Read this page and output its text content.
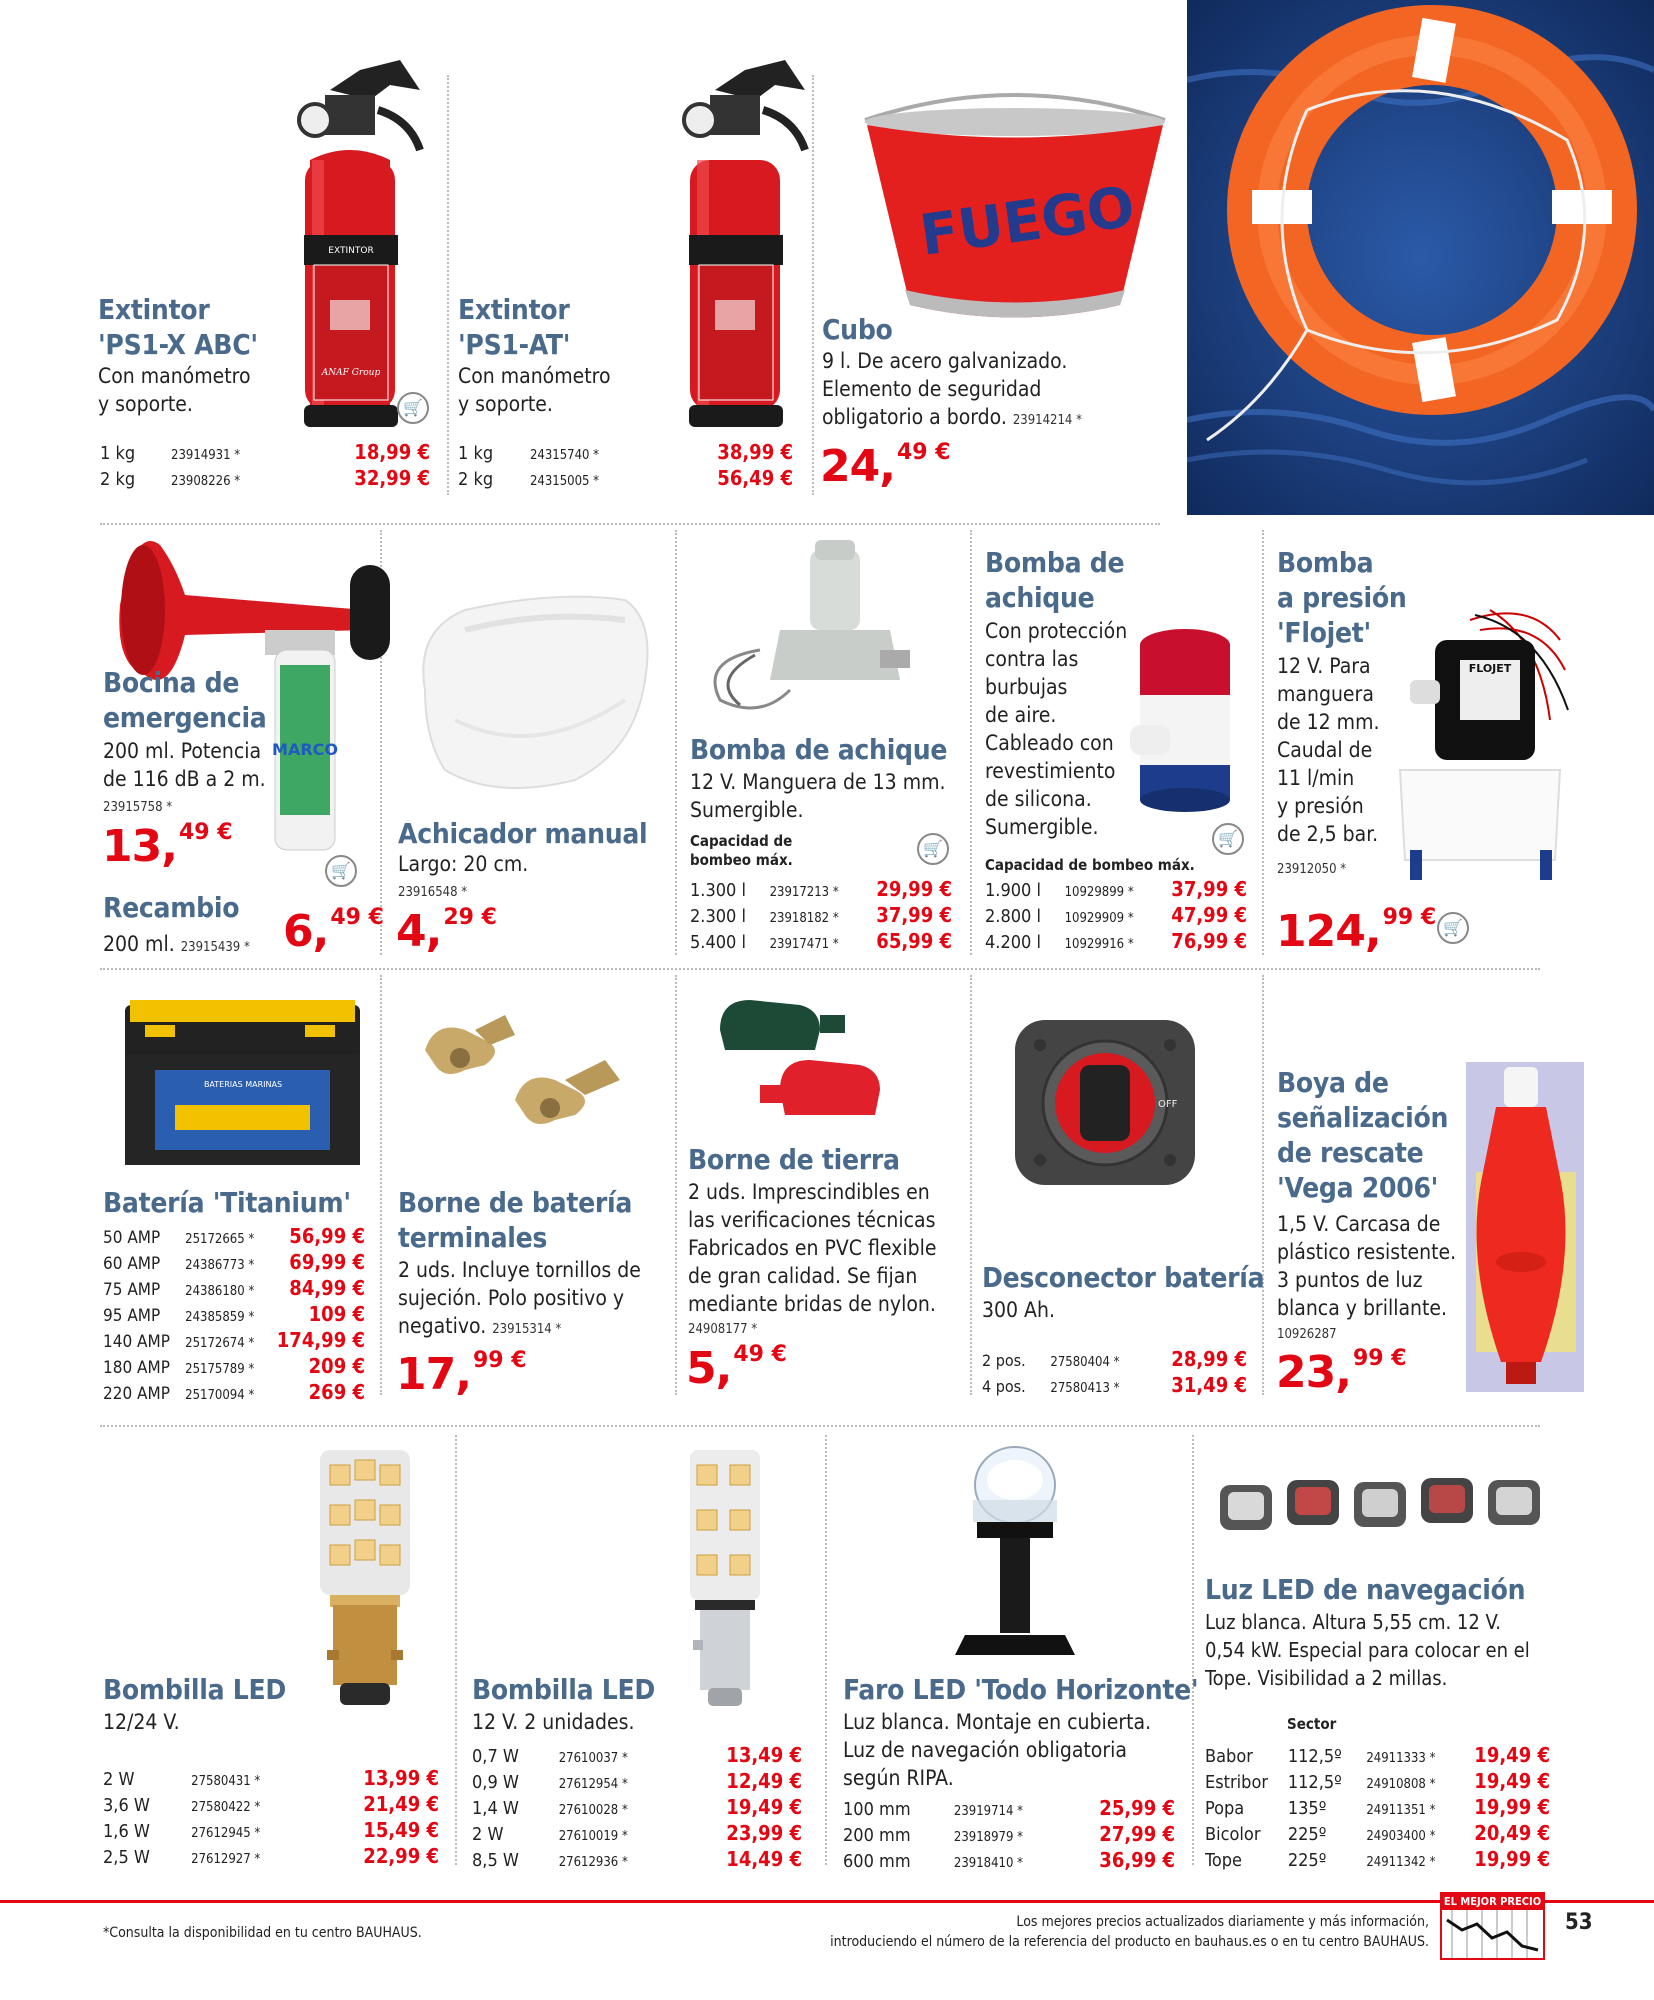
EXTINTOR
ANAF Group
Extintor
'PS1-X ABC'
Con manómetro
y soporte.	🛒
1 kg	23914931 *	18,99 €
2 kg	23908226 *	32,99 €
Extintor
'PS1-AT'
Con manómetro
y soporte.
1 kg	24315740 *	38,99 €
2 kg	24315005 *	56,49 €
FUEGO
Cubo
9 l. De acero galvanizado.
Elemento de seguridad
obligatorio a bordo. 23914214 *
24,49 €
MARCO
Bocina de
emergencia
200 ml. Potencia
de 116 dB a 2 m.
23915758 *
13,49 €
🛒
Recambio
200 ml. 23915439 * 6,49 €
Achicador manual
Largo: 20 cm.
23916548 *
4,29 €
Bomba de achique
12 V. Manguera de 13 mm.
Sumergible.
Capacidad de
bombeo máx.
🛒
1.300 l	23917213 *	29,99 €
2.300 l	23918182 *	37,99 €
5.400 l	23917471 *	65,99 €
Bomba de
achique
Con protección
contra las
burbujas
de aire.
Cableado con
revestimiento
de silicona.
Sumergible.	🛒
Capacidad de bombeo máx.
1.900 l	10929899 *	37,99 €
2.800 l	10929909 *	47,99 €
4.200 l	10929916 *	76,99 €
FLOJET
Bomba
a presión
'Flojet'
12 V. Para
manguera
de 12 mm.
Caudal de
11 l/min
y presión
de 2,5 bar.
23912050 *
124,99 € 🛒
BATERIAS MARINAS
Batería 'Titanium'
50 AMP	25172665 *	56,99 €
60 AMP	24386773 *	69,99 €
75 AMP	24386180 *	84,99 €
95 AMP	24385859 *	109 €
140 AMP	25172674 *	174,99 €
180 AMP	25175789 *	209 €
220 AMP	25170094 *	269 €
Borne de batería
terminales
2 uds. Incluye tornillos de
sujeción. Polo positivo y
negativo. 23915314 *
17,99 €
Borne de tierra
2 uds. Imprescindibles en
las verificaciones técnicas
Fabricados en PVC flexible
de gran calidad. Se fijan
mediante bridas de nylon.
24908177 *
5,49 €
OFF
Desconector batería
300 Ah.
2 pos.	27580404 *	28,99 €
4 pos.	27580413 *	31,49 €
Boya de
señalización
de rescate
'Vega 2006'
1,5 V. Carcasa de
plástico resistente.
3 puntos de luz
blanca y brillante.
10926287
23,99 €
Bombilla LED
12/24 V.
2 W	27580431 *	13,99 €
3,6 W	27580422 *	21,49 €
1,6 W	27612945 *	15,49 €
2,5 W	27612927 *	22,99 €
Bombilla LED
12 V. 2 unidades.
0,7 W	27610037 *	13,49 €
0,9 W	27612954 *	12,49 €
1,4 W	27610028 *	19,49 €
2 W	27610019 *	23,99 €
8,5 W	27612936 *	14,49 €
Faro LED 'Todo Horizonte'
Luz blanca. Montaje en cubierta.
Luz de navegación obligatoria
según RIPA.
100 mm	23919714 *	25,99 €
200 mm	23918979 *	27,99 €
600 mm	23918410 *	36,99 €
Luz LED de navegación
Luz blanca. Altura 5,55 cm. 12 V.
0,54 kW. Especial para colocar en el
Tope. Visibilidad a 2 millas.
Sector
Babor	112,5º	24911333 *	19,49 €
Estribor	112,5º	24910808 *	19,49 €
Popa	135º	24911351 *	19,99 €
Bicolor	225º	24903400 *	20,49 €
Tope	225º	24911342 *	19,99 €
*Consulta la disponibilidad en tu centro BAUHAUS.
Los mejores precios actualizados diariamente y más información,
introduciendo el número de la referencia del producto en bauhaus.es o en tu centro BAUHAUS.
EL MEJOR PRECIO
53
